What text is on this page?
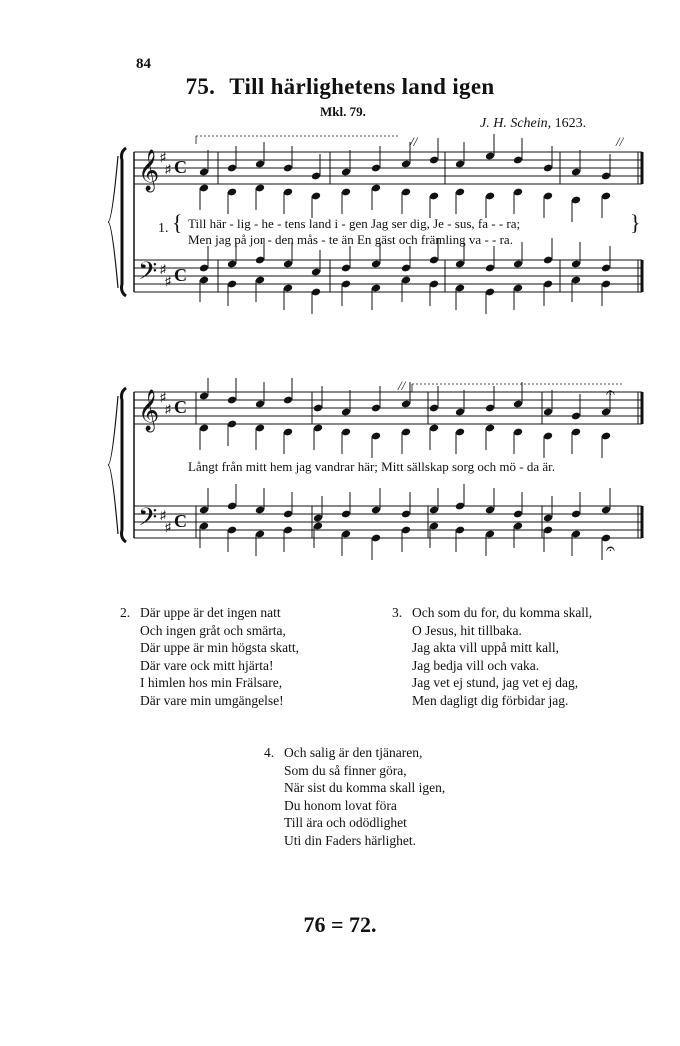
84
75. Till härlighetens land igen
Mkl. 79.
J. H. Schein, 1623.
𝄞
𝄢
♯
♯
♯
♯
C
C
//	//
1. {	}
Till här - lig - he - tens land i - gen Jag ser dig, Je - sus, fa - - ra;
Men jag på jor - den mås - te än En gäst och främling va - - ra.
𝄞
𝄢
♯
♯
♯
♯
C
C
//	𝄐
𝄐
Långt från mitt hem jag vandrar här; Mitt sällskap sorg och mö - da är.
2. Där uppe är det ingen natt
Och ingen gråt och smärta,
Där uppe är min högsta skatt,
Där vare ock mitt hjärta!
I himlen hos min Frälsare,
Där vare min umgängelse!
3. Och som du for, du komma skall,
O Jesus, hit tillbaka.
Jag akta vill uppå mitt kall,
Jag bedja vill och vaka.
Jag vet ej stund, jag vet ej dag,
Men dagligt dig förbidar jag.
4. Och salig är den tjänaren,
Som du så finner göra,
När sist du komma skall igen,
Du honom lovat föra
Till ära och odödlighet
Uti din Faders härlighet.
76 = 72.
